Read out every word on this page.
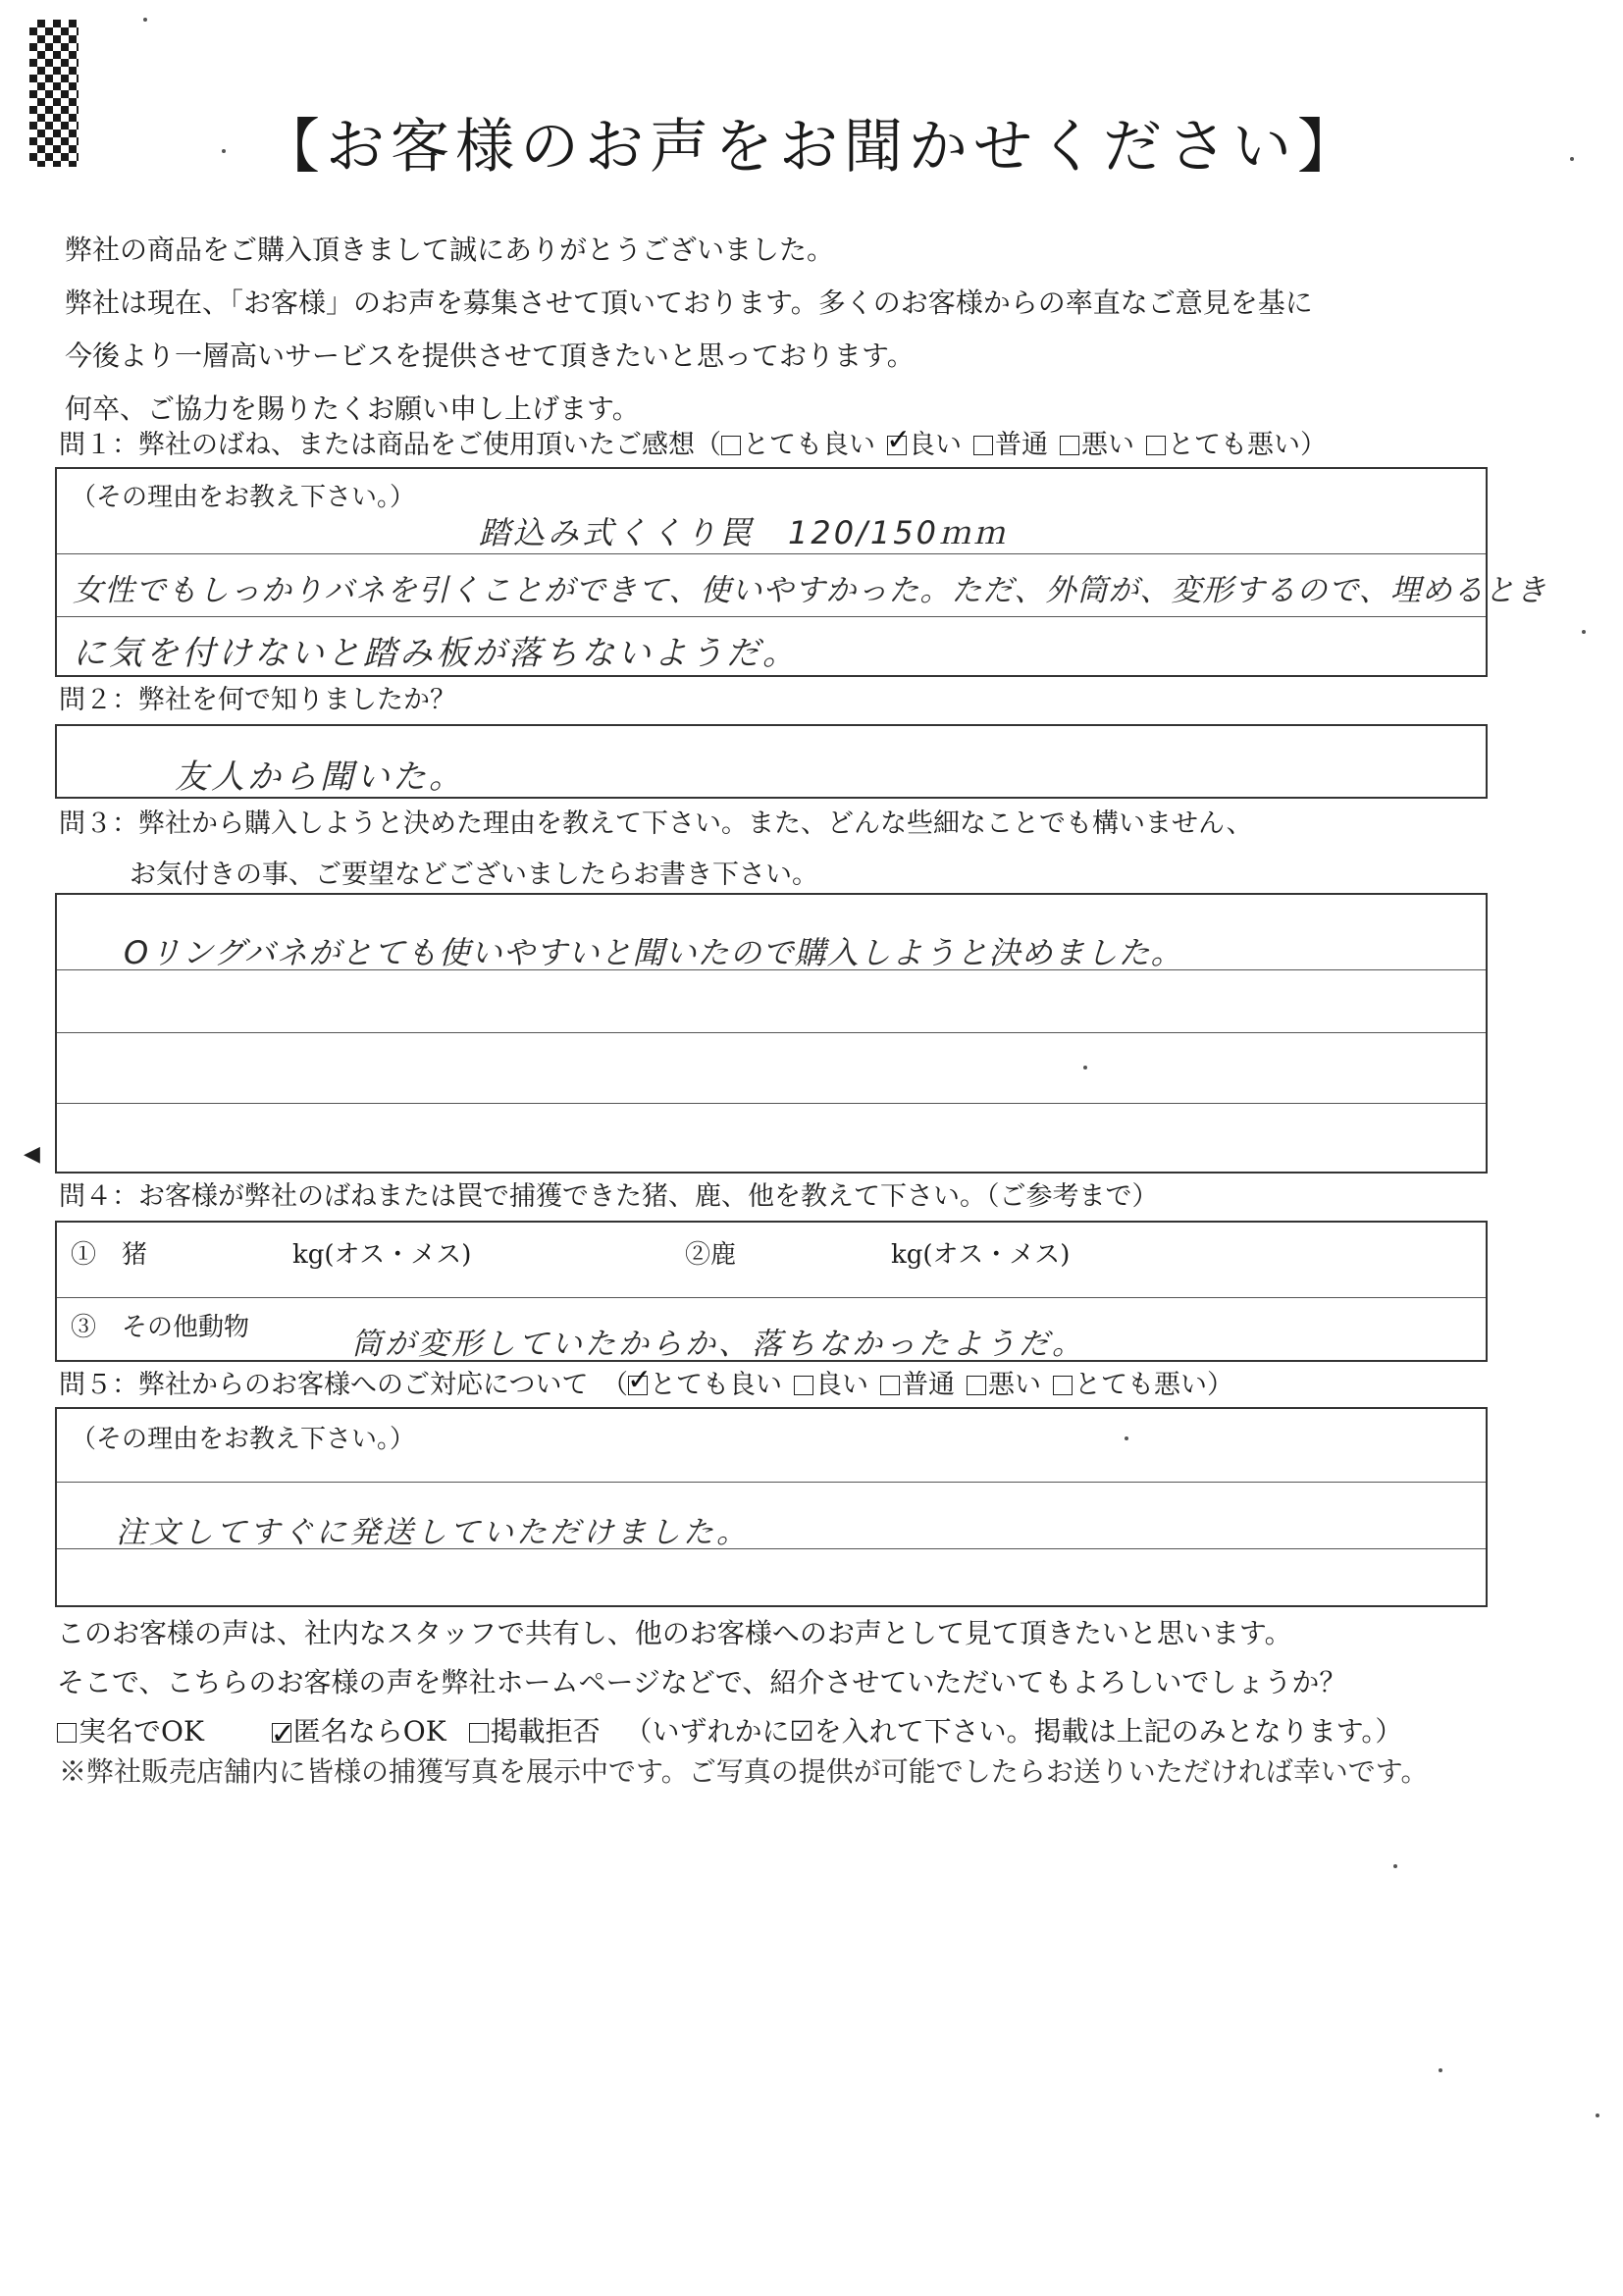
【お客様のお声をお聞かせください】
弊社の商品をご購入頂きまして誠にありがとうございました。
弊社は現在、「お客様」のお声を募集させて頂いております。多くのお客様からの率直なご意見を基に
今後より一層高いサービスを提供させて頂きたいと思っております。
何卒、ご協力を賜りたくお願い申し上げます。
問１：弊社のばね、または商品をご使用頂いたご感想（ とても良い ✓ 良い 普通 悪い とても悪い）
（その理由をお教え下さい。）
踏込み式くくり罠　120/150ｍｍ
女性でもしっかりバネを引くことができて、使いやすかった。ただ、外筒が、変形するので、埋めるとき
に気を付けないと踏み板が落ちないようだ。
問２：弊社を何で知りましたか？
友人から聞いた。
問３：弊社から購入しようと決めた理由を教えて下さい。また、どんな些細なことでも構いません、
お気付きの事、ご要望などございましたらお書き下さい。
Oリングバネがとても使いやすいと聞いたので購入しようと決めました。
◀
問４：お客様が弊社のばねまたは罠で捕獲できた猪、鹿、他を教えて下さい。（ご参考まで）
①　猪	kg(オス・メス)	②鹿	kg(オス・メス)
③　その他動物	筒が変形していたからか、落ちなかったようだ。
問５：弊社からのお客様へのご対応について　（ ✓ とても良い 良い 普通 悪い とても悪い）
（その理由をお教え下さい。）
注文してすぐに発送していただけました。
このお客様の声は、社内なスタッフで共有し、他のお客様へのお声として見て頂きたいと思います。
そこで、こちらのお客様の声を弊社ホームページなどで、紹介させていただいてもよろしいでしょうか？
実名でOK ✓	匿名ならOK 掲載拒否 （いずれかに☑を入れて下さい。掲載は上記のみとなります。）
※弊社販売店舗内に皆様の捕獲写真を展示中です。ご写真の提供が可能でしたらお送りいただければ幸いです。
